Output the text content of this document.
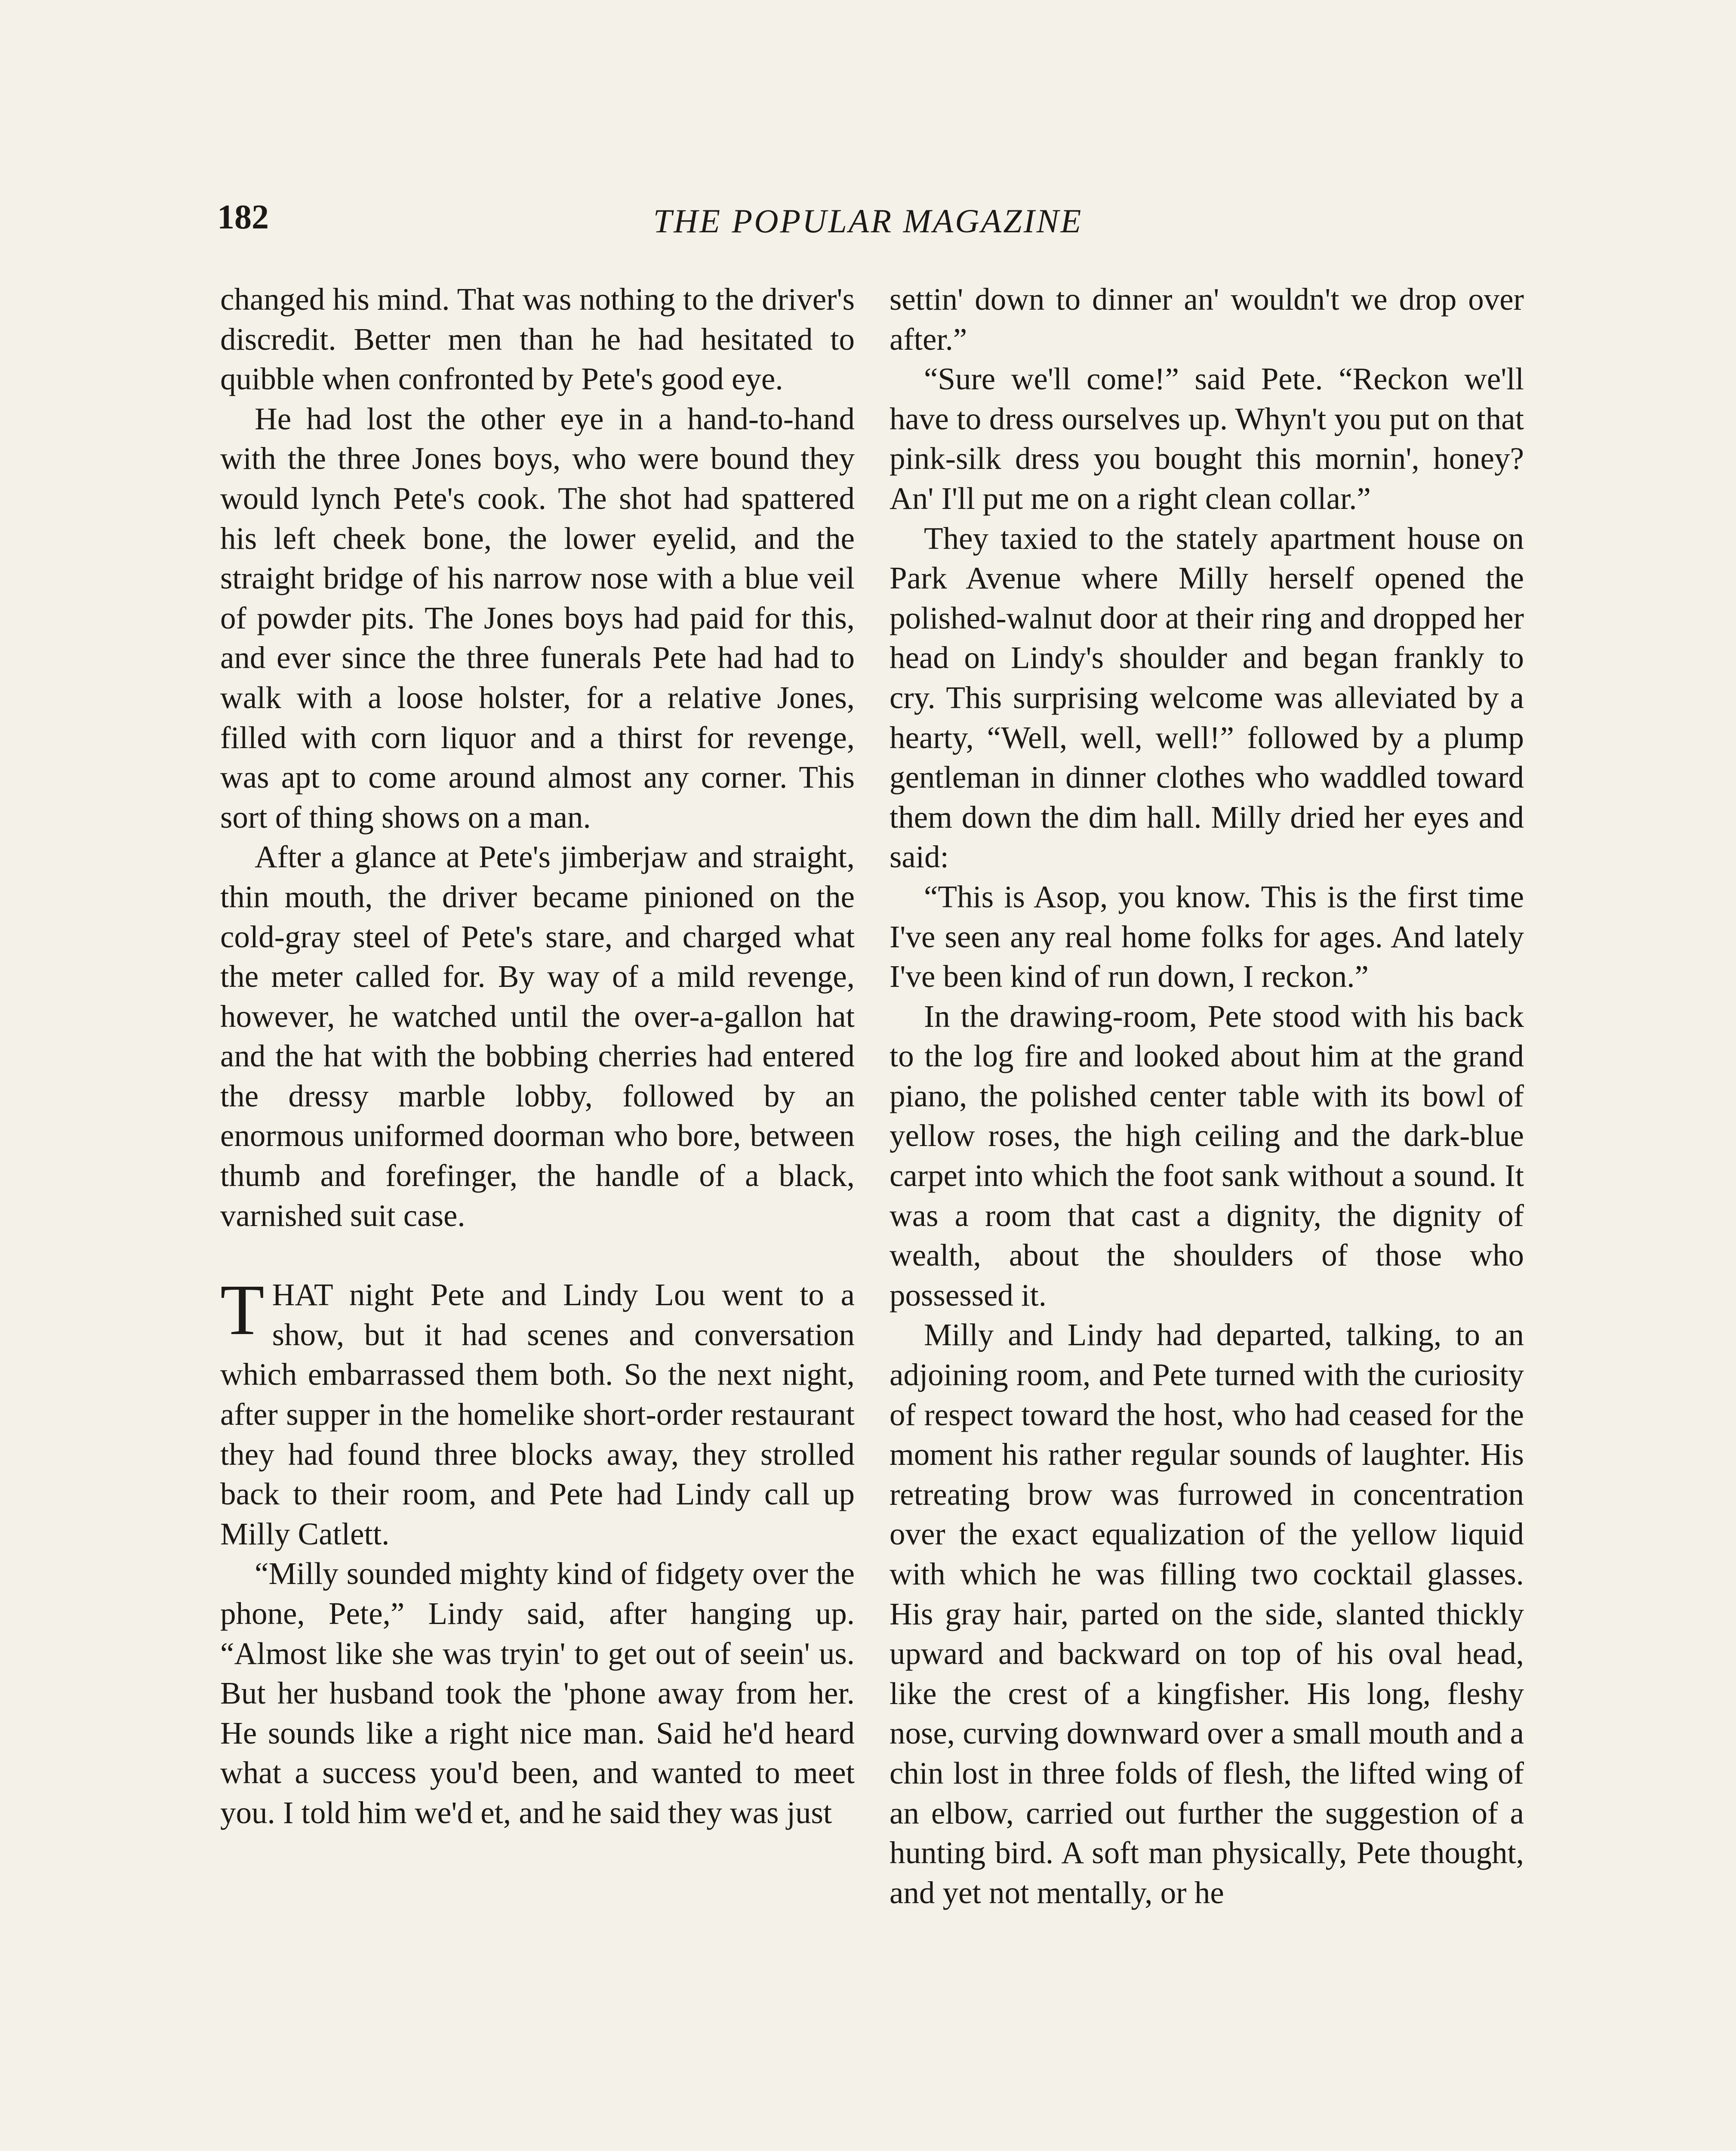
182	THE POPULAR MAGAZINE

changed his mind. That was nothing to the driver's discredit. Better men than he had hesitated to quibble when confronted by Pete's good eye.

He had lost the other eye in a hand-to-hand with the three Jones boys, who were bound they would lynch Pete's cook. The shot had spattered his left cheek bone, the lower eyelid, and the straight bridge of his narrow nose with a blue veil of powder pits. The Jones boys had paid for this, and ever since the three funerals Pete had had to walk with a loose holster, for a relative Jones, filled with corn liquor and a thirst for revenge, was apt to come around almost any corner. This sort of thing shows on a man.

After a glance at Pete's jimberjaw and straight, thin mouth, the driver became pinioned on the cold-gray steel of Pete's stare, and charged what the meter called for. By way of a mild revenge, however, he watched until the over-a-gallon hat and the hat with the bobbing cherries had entered the dressy marble lobby, followed by an enormous uniformed doorman who bore, between thumb and forefinger, the handle of a black, varnished suit case.

THAT night Pete and Lindy Lou went to a show, but it had scenes and conversation which embarrassed them both. So the next night, after supper in the homelike short-order restaurant they had found three blocks away, they strolled back to their room, and Pete had Lindy call up Milly Catlett.

“Milly sounded mighty kind of fidgety over the phone, Pete,” Lindy said, after hanging up. “Almost like she was tryin' to get out of seein' us. But her husband took the 'phone away from her. He sounds like a right nice man. Said he'd heard what a success you'd been, and wanted to meet you. I told him we'd et, and he said they was just

settin' down to dinner an' wouldn't we drop over after.”

“Sure we'll come!” said Pete. “Reckon we'll have to dress ourselves up. Whyn't you put on that pink-silk dress you bought this mornin', honey? An' I'll put me on a right clean collar.”

They taxied to the stately apartment house on Park Avenue where Milly herself opened the polished-walnut door at their ring and dropped her head on Lindy's shoulder and began frankly to cry. This surprising welcome was alleviated by a hearty, “Well, well, well!” followed by a plump gentleman in dinner clothes who waddled toward them down the dim hall. Milly dried her eyes and said:

“This is Asop, you know. This is the first time I've seen any real home folks for ages. And lately I've been kind of run down, I reckon.”

In the drawing-room, Pete stood with his back to the log fire and looked about him at the grand piano, the polished center table with its bowl of yellow roses, the high ceiling and the dark-blue carpet into which the foot sank without a sound. It was a room that cast a dignity, the dignity of wealth, about the shoulders of those who possessed it.

Milly and Lindy had departed, talking, to an adjoining room, and Pete turned with the curiosity of respect toward the host, who had ceased for the moment his rather regular sounds of laughter. His retreating brow was furrowed in concentration over the exact equalization of the yellow liquid with which he was filling two cocktail glasses. His gray hair, parted on the side, slanted thickly upward and backward on top of his oval head, like the crest of a kingfisher. His long, fleshy nose, curving downward over a small mouth and a chin lost in three folds of flesh, the lifted wing of an elbow, carried out further the suggestion of a hunting bird. A soft man physically, Pete thought, and yet not mentally, or he
